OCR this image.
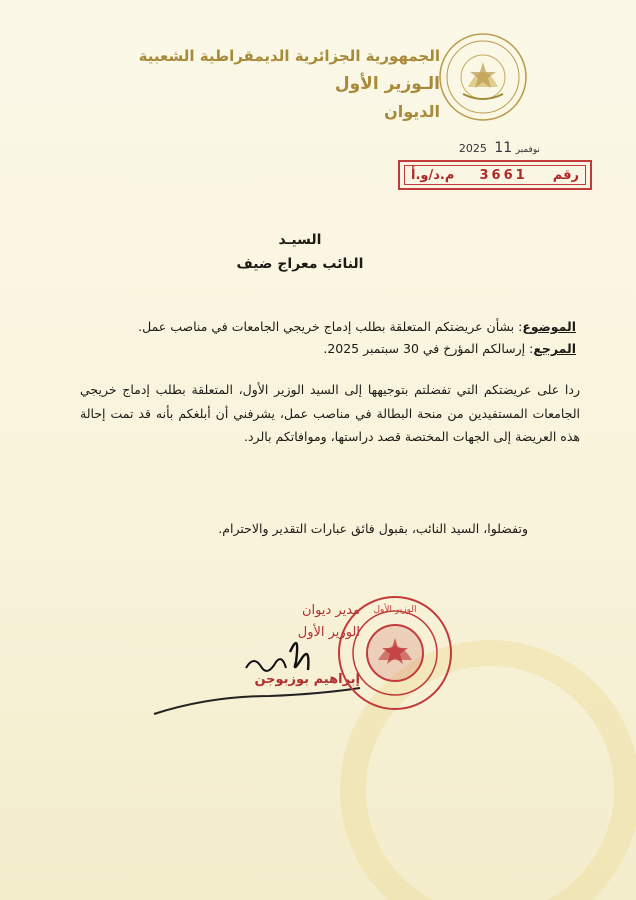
الجمهورية الجزائرية الديمقراطية الشعبية
الـوزير الأول
الديوان
2025	نوفمبر 11
م.د/و.أ 3661 رقم
السيـد
النائب معراج ضيف
الموضوع: بشأن عريضتكم المتعلقة بطلب إدماج خريجي الجامعات في مناصب عمل.
المرجع: إرسالكم المؤرخ في 30 سبتمبر 2025.
ردا على عريضتكم التي تفضلتم بتوجيهها إلى السيد الوزير الأول، المتعلقة بطلب إدماج خريجي الجامعات المستفيدين من منحة البطالة في مناصب عمل، يشرفني أن أبلغكم بأنه قد تمت إحالة هذه العريضة إلى الجهات المختصة قصد دراستها، وموافاتكم بالرد.
وتفضلوا، السيد النائب، بقبول فائق عبارات التقدير والاحترام.
مدير ديوان
الوزير الأول
إبراهيم بوزبوجن
الوزير الأول
